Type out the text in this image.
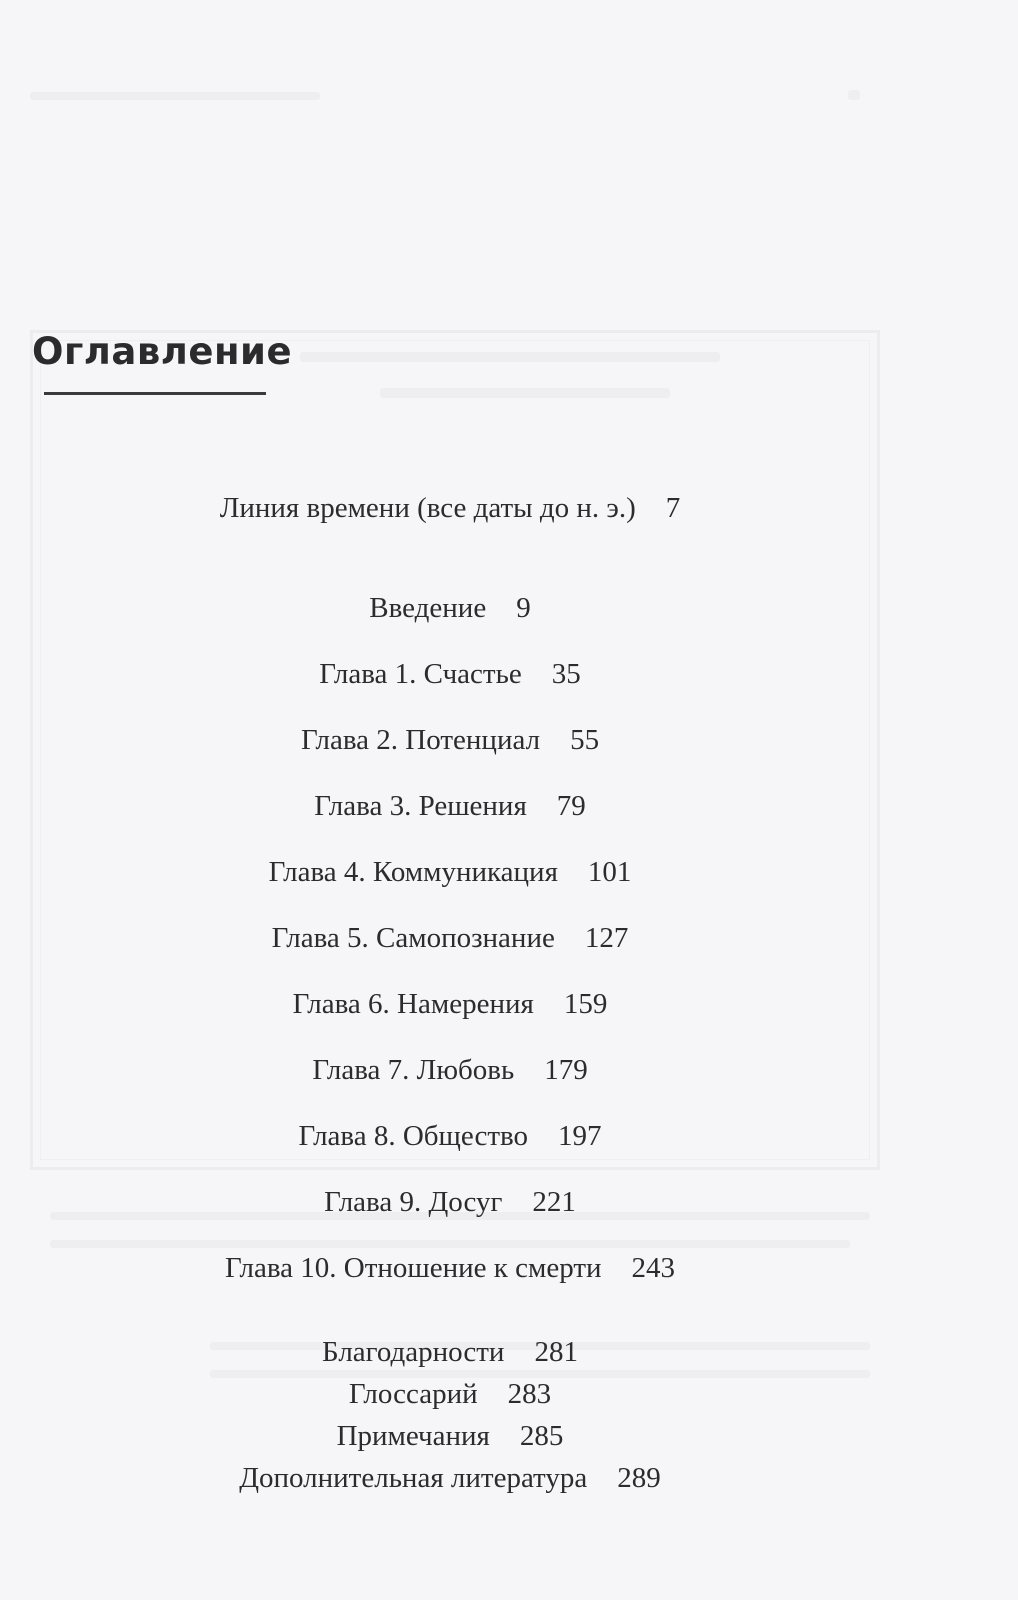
Оглавление
Линия времени (все даты до н. э.) 7
Введение 9
Глава 1. Счастье 35
Глава 2. Потенциал 55
Глава 3. Решения 79
Глава 4. Коммуникация 101
Глава 5. Самопознание 127
Глава 6. Намерения 159
Глава 7. Любовь 179
Глава 8. Общество 197
Глава 9. Досуг 221
Глава 10. Отношение к смерти 243
Благодарности 281
Глоссарий 283
Примечания 285
Дополнительная литература 289
